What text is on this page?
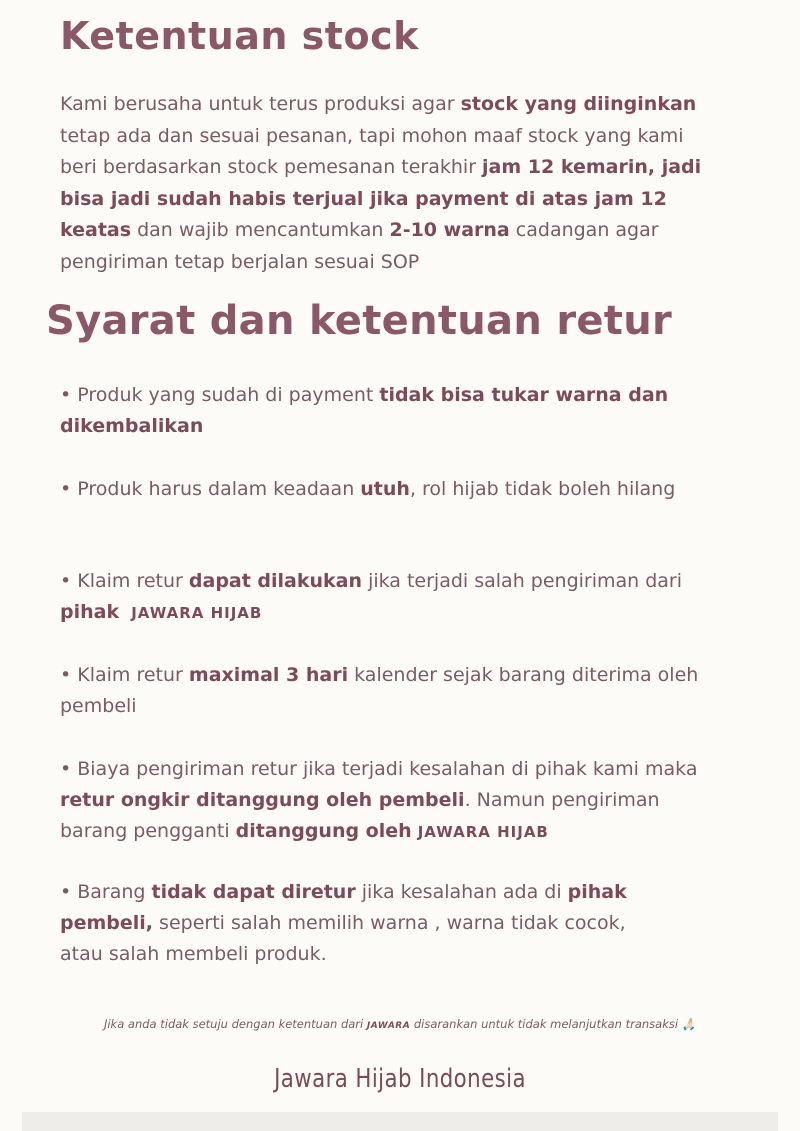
Ketentuan stock

Kami berusaha untuk terus produksi agar stock yang diinginkan tetap ada dan sesuai pesanan, tapi mohon maaf stock yang kami beri berdasarkan stock pemesanan terakhir jam 12 kemarin, jadi bisa jadi sudah habis terjual jika payment di atas jam 12 keatas dan wajib mencantumkan 2-10 warna cadangan agar pengiriman tetap berjalan sesuai SOP

Syarat dan ketentuan retur

• Produk yang sudah di payment tidak bisa tukar warna dan dikembalikan

• Produk harus dalam keadaan utuh, rol hijab tidak boleh hilang

• Klaim retur dapat dilakukan jika terjadi salah pengiriman dari pihak JAWARA HIJAB

• Klaim retur maximal 3 hari kalender sejak barang diterima oleh pembeli

• Biaya pengiriman retur jika terjadi kesalahan di pihak kami maka retur ongkir ditanggung oleh pembeli. Namun pengiriman barang pengganti ditanggung oleh JAWARA HIJAB

• Barang tidak dapat diretur jika kesalahan ada di pihak pembeli, seperti salah memilih warna , warna tidak cocok, atau salah membeli produk.

Jika anda tidak setuju dengan ketentuan dari JAWARA disarankan untuk tidak melanjutkan transaksi 🙏🏻
Jawara Hijab Indonesia
